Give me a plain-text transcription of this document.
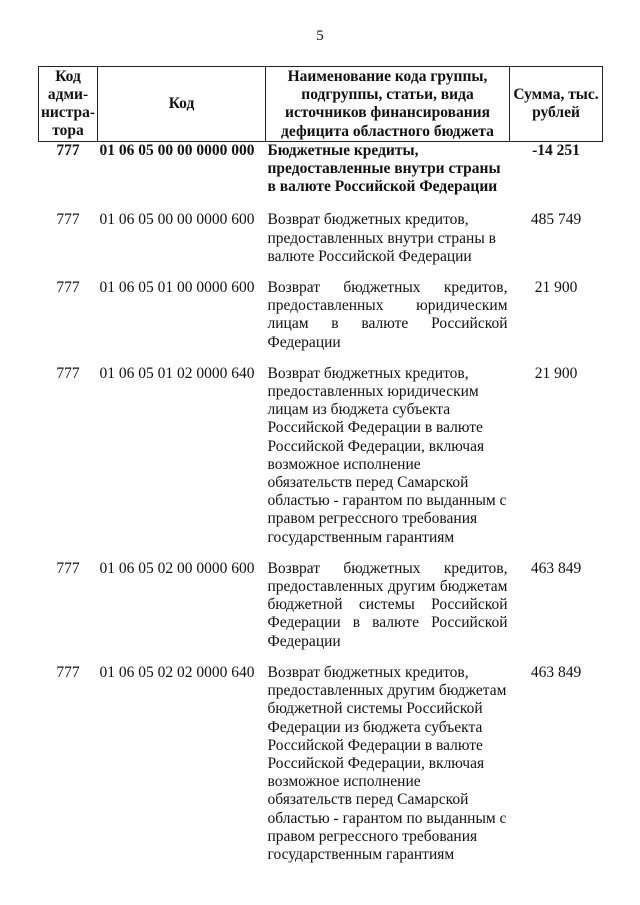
5
Код адми-нистра-тора	Код	Наименование кода группы, подгруппы, статьи, вида источников финансирования дефицита областного бюджета	Сумма, тыс. рублей
777	01 06 05 00 00 0000 000	Бюджетные кредиты, предоставленные внутри страны в валюте Российской Федерации	-14 251
777	01 06 05 00 00 0000 600	Возврат бюджетных кредитов, предоставленных внутри страны в валюте Российской Федерации	485 749
777	01 06 05 01 00 0000 600	Возврат бюджетных кредитов, предоставленных юридическим лицам в валюте Российской Федерации	21 900
777	01 06 05 01 02 0000 640	Возврат бюджетных кредитов, предоставленных юридическим лицам из бюджета субъекта Российской Федерации в валюте Российской Федерации, включая возможное исполнение обязательств перед Самарской областью - гарантом по выданным с правом регрессного требования государственным гарантиям	21 900
777	01 06 05 02 00 0000 600	Возврат бюджетных кредитов, предоставленных другим бюджетам бюджетной системы Российской Федерации в валюте Российской Федерации	463 849
777	01 06 05 02 02 0000 640	Возврат бюджетных кредитов, предоставленных другим бюджетам бюджетной системы Российской Федерации из бюджета субъекта Российской Федерации в валюте Российской Федерации, включая возможное исполнение обязательств перед Самарской областью - гарантом по выданным с правом регрессного требования государственным гарантиям	463 849
